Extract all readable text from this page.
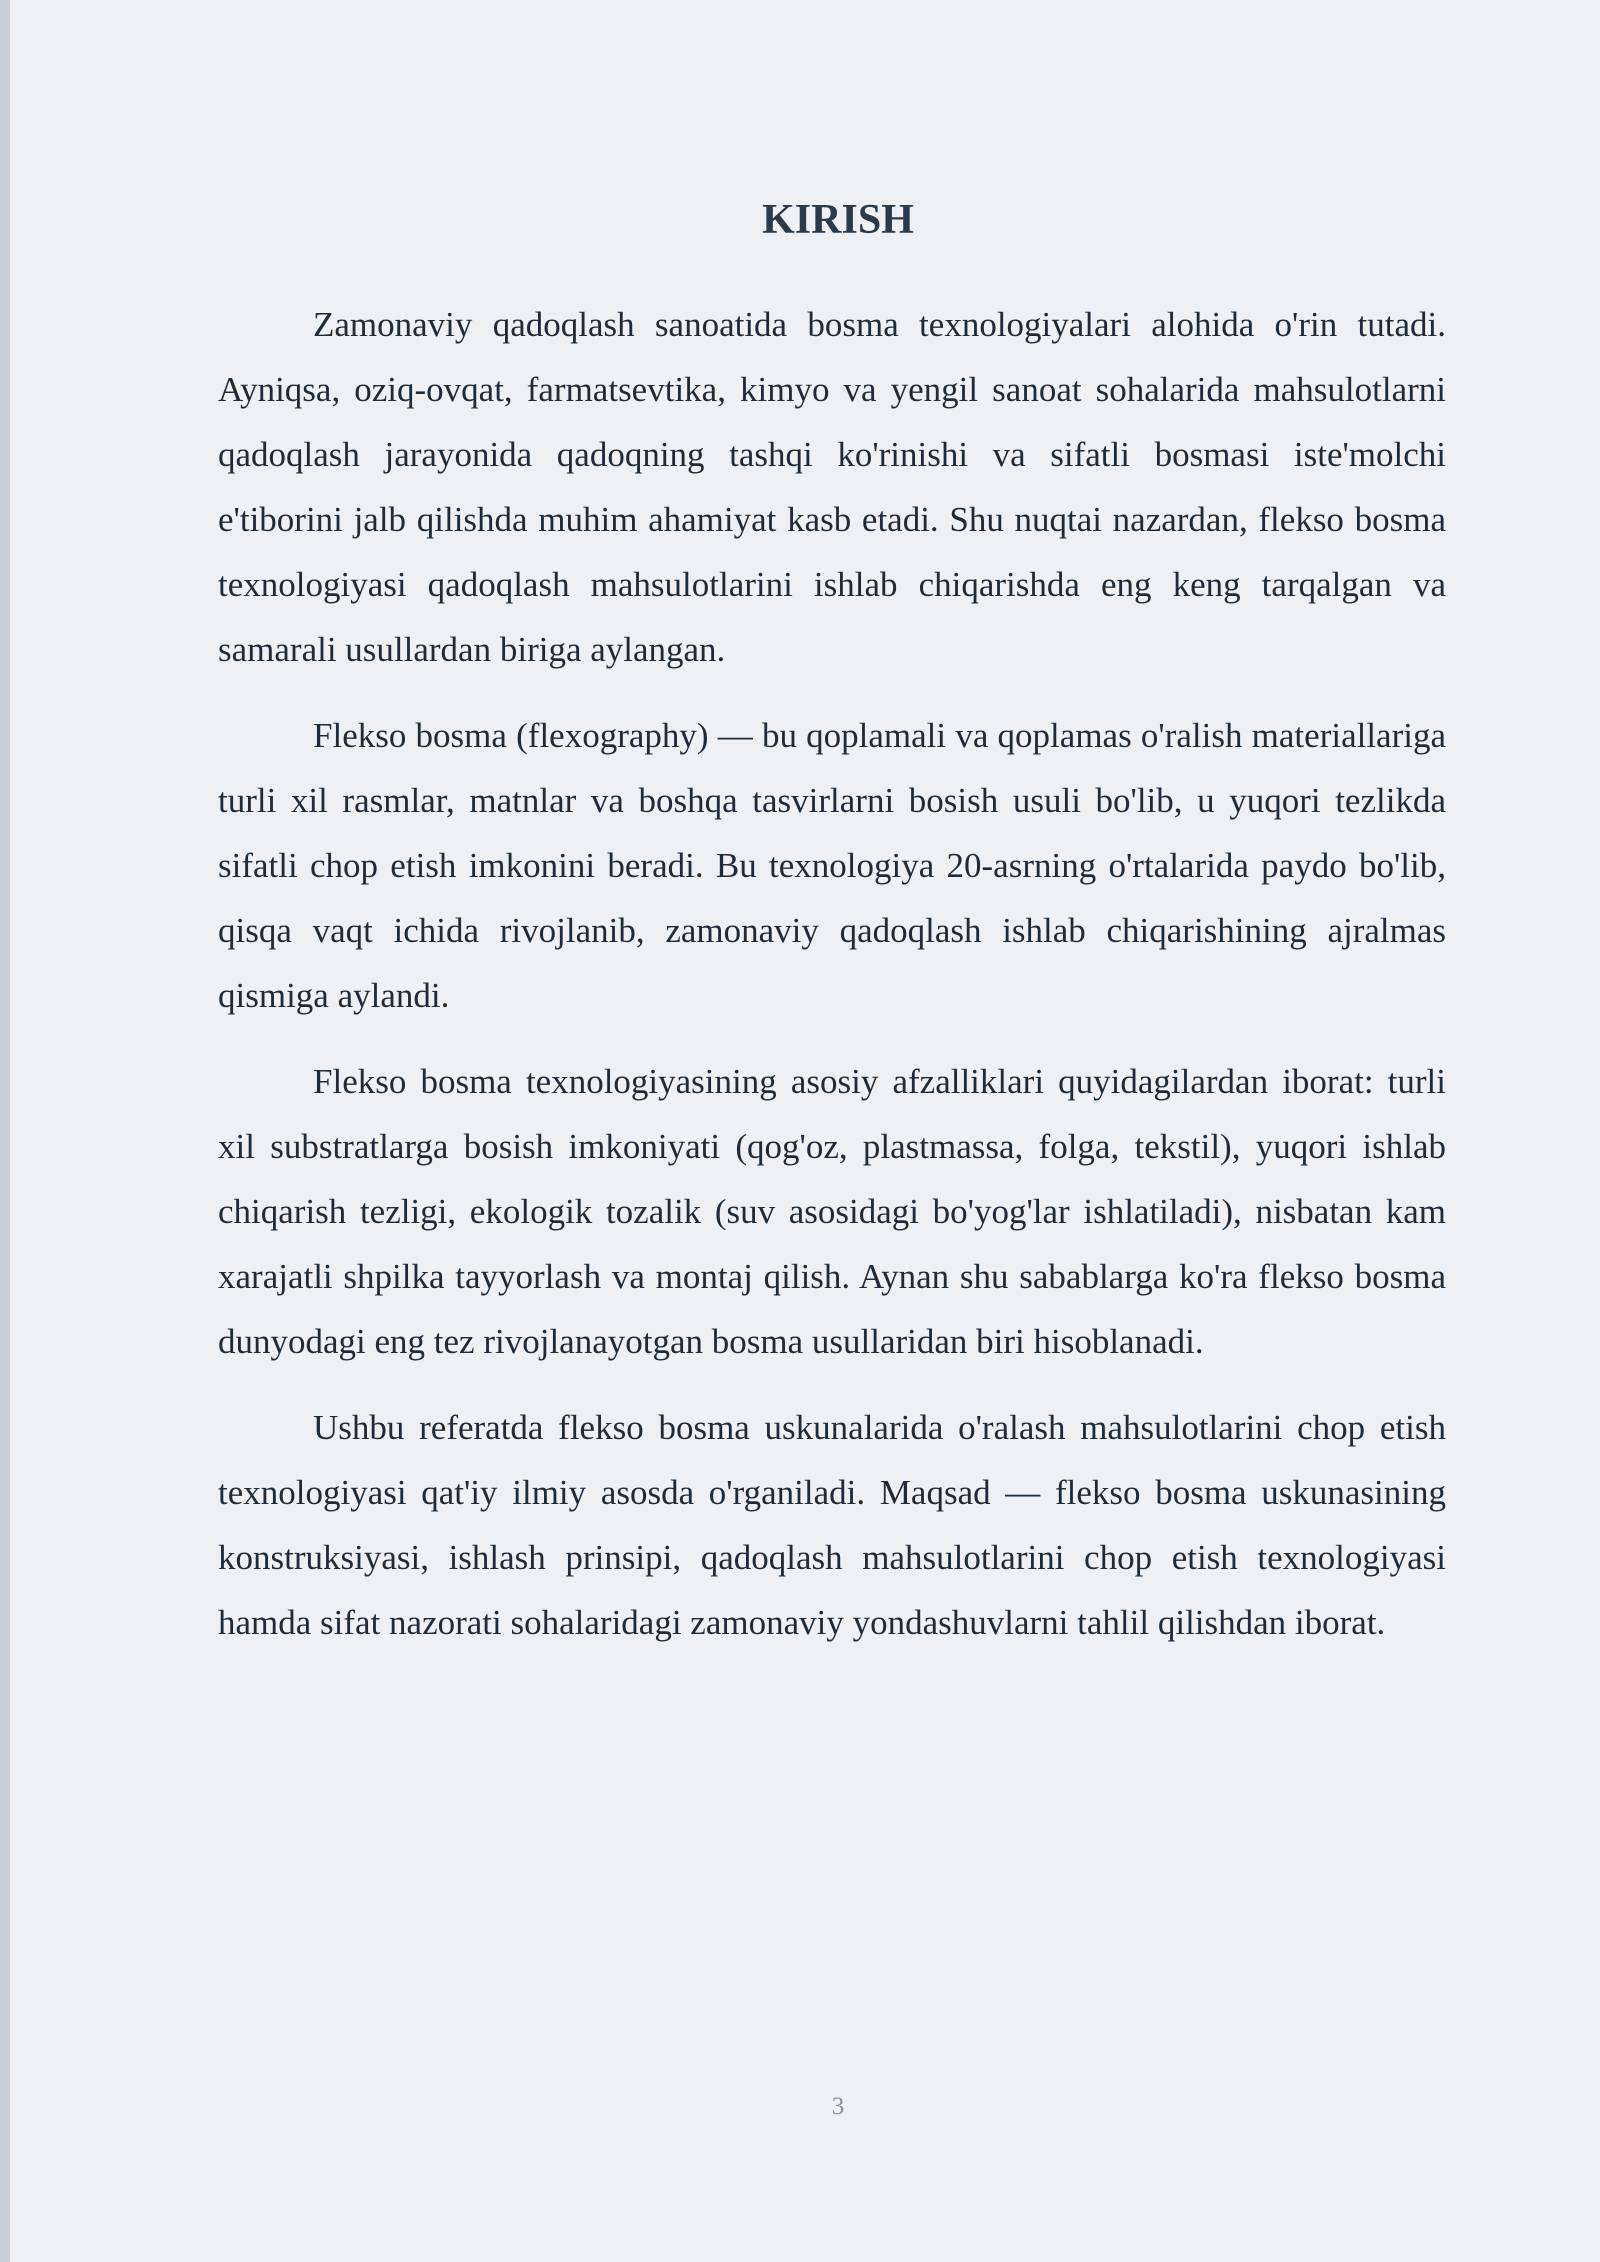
KIRISH

Zamonaviy qadoqlash sanoatida bosma texnologiyalari alohida o'rin tutadi. Ayniqsa, oziq-ovqat, farmatsevtika, kimyo va yengil sanoat sohalarida mahsulotlarni qadoqlash jarayonida qadoqning tashqi ko'rinishi va sifatli bosmasi iste'molchi e'tiborini jalb qilishda muhim ahamiyat kasb etadi. Shu nuqtai nazardan, flekso bosma texnologiyasi qadoqlash mahsulotlarini ishlab chiqarishda eng keng tarqalgan va samarali usullardan biriga aylangan.

Flekso bosma (flexography) — bu qoplamali va qoplamas o'ralish materiallariga turli xil rasmlar, matnlar va boshqa tasvirlarni bosish usuli bo'lib, u yuqori tezlikda sifatli chop etish imkonini beradi. Bu texnologiya 20-asrning o'rtalarida paydo bo'lib, qisqa vaqt ichida rivojlanib, zamonaviy qadoqlash ishlab chiqarishining ajralmas qismiga aylandi.

Flekso bosma texnologiyasining asosiy afzalliklari quyidagilardan iborat: turli xil substratlarga bosish imkoniyati (qog'oz, plastmassa, folga, tekstil), yuqori ishlab chiqarish tezligi, ekologik tozalik (suv asosidagi bo'yog'lar ishlatiladi), nisbatan kam xarajatli shpilka tayyorlash va montaj qilish. Aynan shu sabablarga ko'ra flekso bosma dunyodagi eng tez rivojlanayotgan bosma usullaridan biri hisoblanadi.

Ushbu referatda flekso bosma uskunalarida o'ralash mahsulotlarini chop etish texnologiyasi qat'iy ilmiy asosda o'rganiladi. Maqsad — flekso bosma uskunasining konstruksiyasi, ishlash prinsipi, qadoqlash mahsulotlarini chop etish texnologiyasi hamda sifat nazorati sohalaridagi zamonaviy yondashuvlarni tahlil qilishdan iborat.

3
